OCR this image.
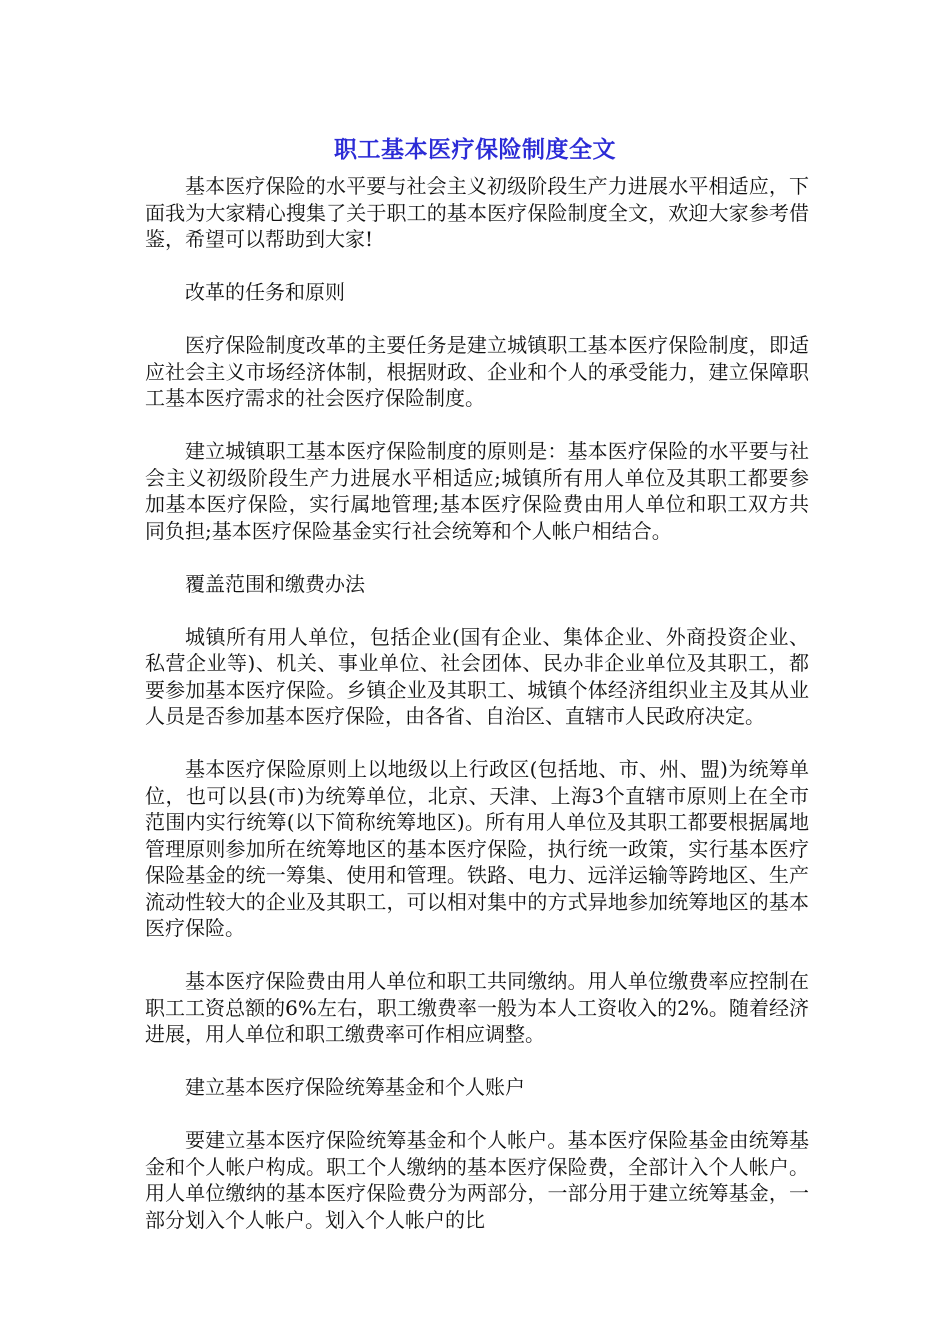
职工基本医疗保险制度全文

基本医疗保险的水平要与社会主义初级阶段生产力进展水平相适应，下面我为大家精心搜集了关于职工的基本医疗保险制度全文，欢迎大家参考借鉴，希望可以帮助到大家!

改革的任务和原则

医疗保险制度改革的主要任务是建立城镇职工基本医疗保险制度，即适应社会主义市场经济体制，根据财政、企业和个人的承受能力，建立保障职工基本医疗需求的社会医疗保险制度。

建立城镇职工基本医疗保险制度的原则是：基本医疗保险的水平要与社会主义初级阶段生产力进展水平相适应;城镇所有用人单位及其职工都要参加基本医疗保险，实行属地管理;基本医疗保险费由用人单位和职工双方共同负担;基本医疗保险基金实行社会统筹和个人帐户相结合。

覆盖范围和缴费办法

城镇所有用人单位，包括企业(国有企业、集体企业、外商投资企业、私营企业等)、机关、事业单位、社会团体、民办非企业单位及其职工，都要参加基本医疗保险。乡镇企业及其职工、城镇个体经济组织业主及其从业人员是否参加基本医疗保险，由各省、自治区、直辖市人民政府决定。

基本医疗保险原则上以地级以上行政区(包括地、市、州、盟)为统筹单位，也可以县(市)为统筹单位，北京、天津、上海3个直辖市原则上在全市范围内实行统筹(以下简称统筹地区)。所有用人单位及其职工都要根据属地管理原则参加所在统筹地区的基本医疗保险，执行统一政策，实行基本医疗保险基金的统一筹集、使用和管理。铁路、电力、远洋运输等跨地区、生产流动性较大的企业及其职工，可以相对集中的方式异地参加统筹地区的基本医疗保险。

基本医疗保险费由用人单位和职工共同缴纳。用人单位缴费率应控制在职工工资总额的6%左右，职工缴费率一般为本人工资收入的2%。随着经济进展，用人单位和职工缴费率可作相应调整。

建立基本医疗保险统筹基金和个人账户

要建立基本医疗保险统筹基金和个人帐户。基本医疗保险基金由统筹基金和个人帐户构成。职工个人缴纳的基本医疗保险费，全部计入个人帐户。用人单位缴纳的基本医疗保险费分为两部分，一部分用于建立统筹基金，一部分划入个人帐户。划入个人帐户的比
